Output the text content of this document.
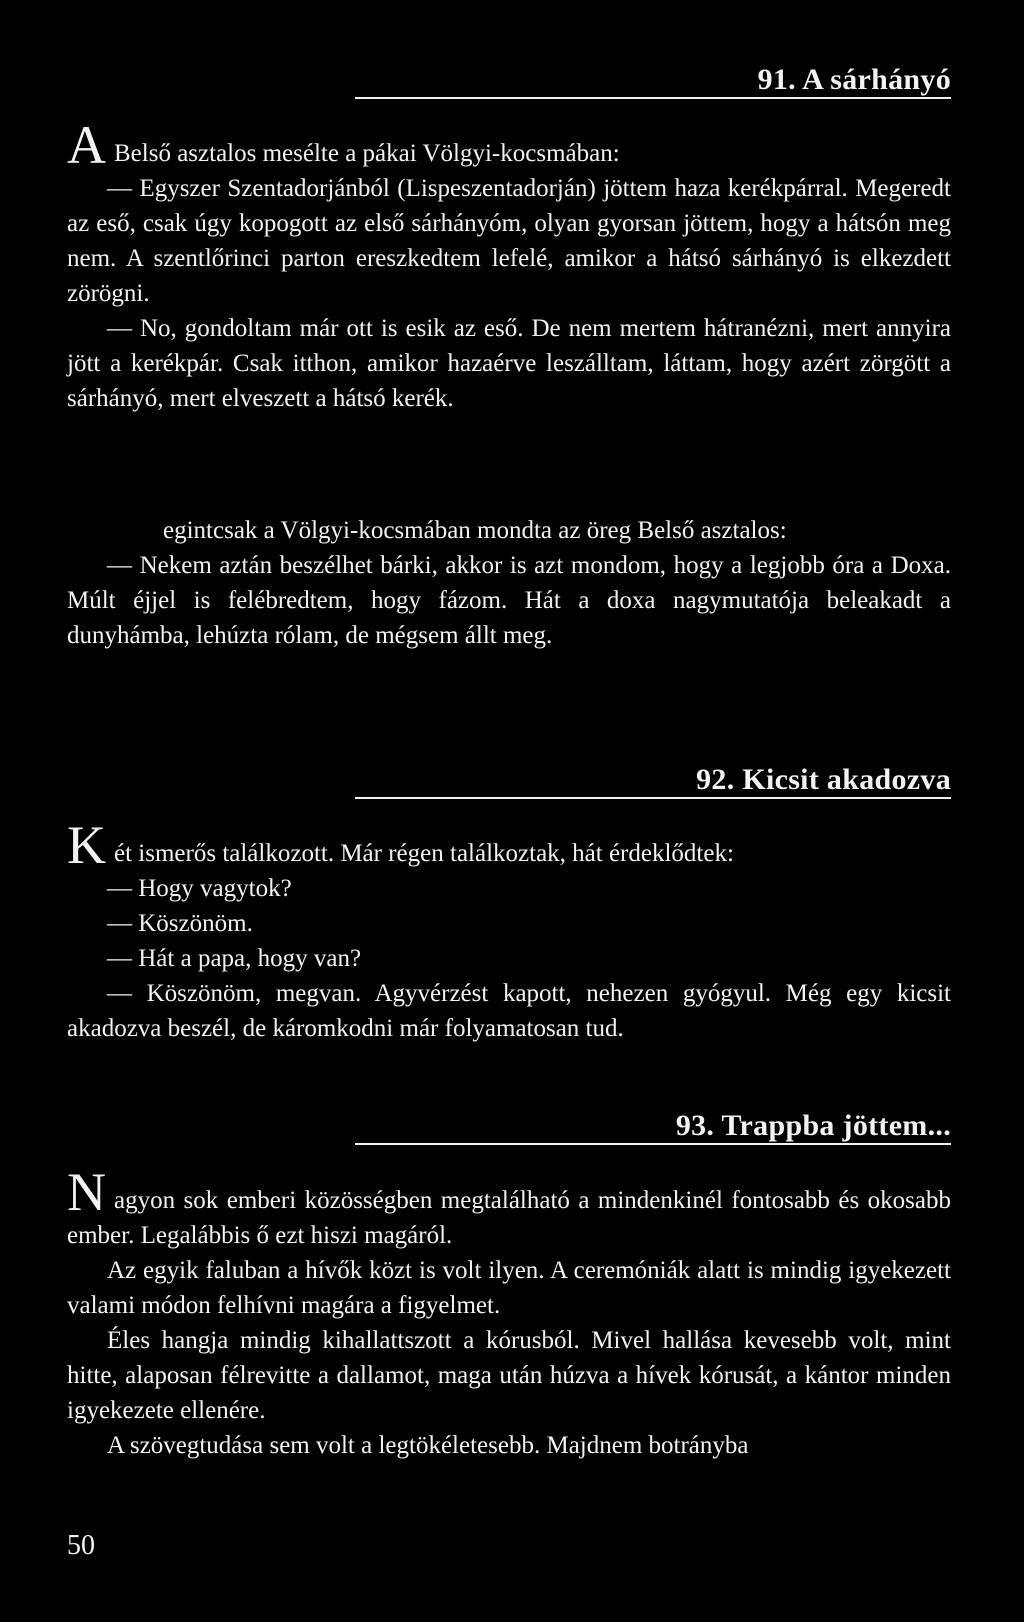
91. A sárhányó

A Belső asztalos mesélte a pákai Völgyi-kocsmában:

— Egyszer Szentadorjánból (Lispeszentadorján) jöttem haza kerékpárral. Megeredt az eső, csak úgy kopogott az első sárhányóm, olyan gyorsan jöttem, hogy a hátsón meg nem. A szentlőrinci parton ereszkedtem lefelé, amikor a hátsó sárhányó is elkezdett zörögni.

— No, gondoltam már ott is esik az eső. De nem mertem hátranézni, mert annyira jött a kerékpár. Csak itthon, amikor hazaérve leszálltam, láttam, hogy azért zörgött a sárhányó, mert elveszett a hátsó kerék.

egintcsak a Völgyi-kocsmában mondta az öreg Belső asztalos:

— Nekem aztán beszélhet bárki, akkor is azt mondom, hogy a legjobb óra a Doxa. Múlt éjjel is felébredtem, hogy fázom. Hát a doxa nagymutatója beleakadt a dunyhámba, lehúzta rólam, de mégsem állt meg.

92. Kicsit akadozva

Két ismerős találkozott. Már régen találkoztak, hát érdeklődtek:

— Hogy vagytok?

— Köszönöm.

— Hát a papa, hogy van?

— Köszönöm, megvan. Agyvérzést kapott, nehezen gyógyul. Még egy kicsit akadozva beszél, de káromkodni már folyamatosan tud.

93. Trappba jöttem...

Nagyon sok emberi közösségben megtalálható a mindenkinél fontosabb és okosabb ember. Legalábbis ő ezt hiszi magáról.

Az egyik faluban a hívők közt is volt ilyen. A ceremóniák alatt is mindig igyekezett valami módon felhívni magára a figyelmet.

Éles hangja mindig kihallattszott a kórusból. Mivel hallása kevesebb volt, mint hitte, alaposan félrevitte a dallamot, maga után húzva a hívek kórusát, a kántor minden igyekezete ellenére.

A szövegtudása sem volt a legtökéletesebb. Majdnem botrányba

50
